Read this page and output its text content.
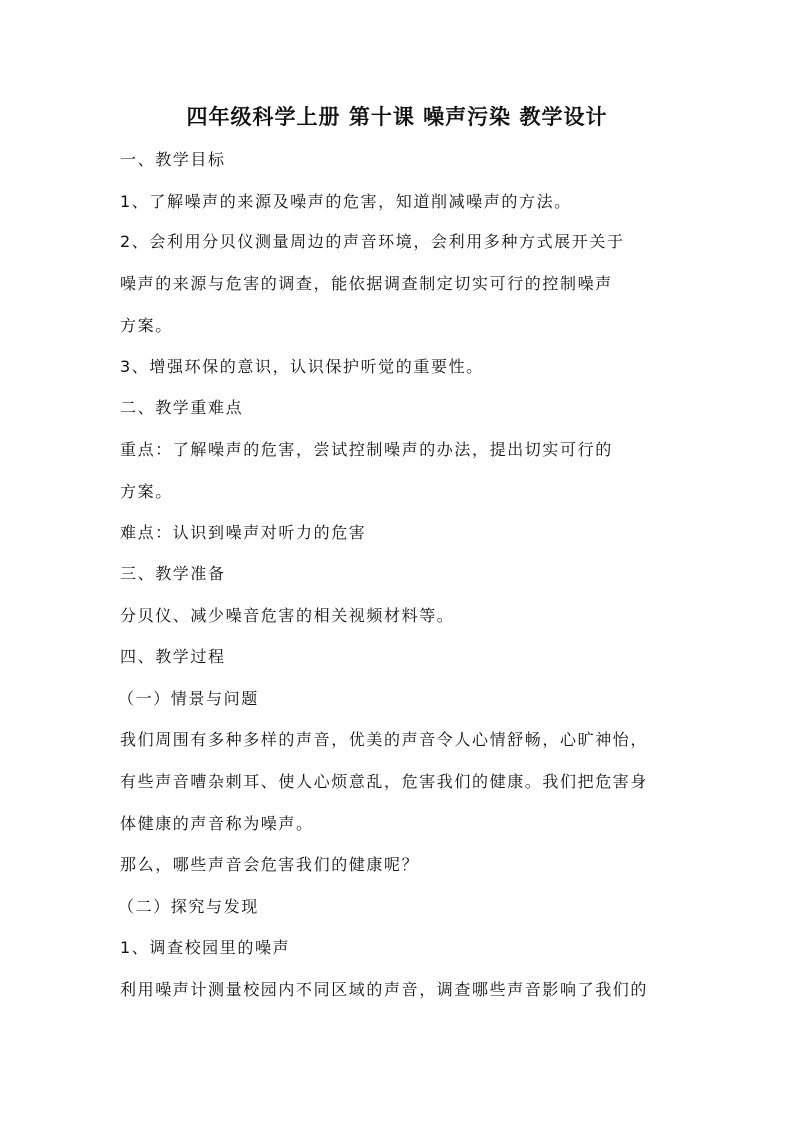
四年级科学上册 第十课 噪声污染 教学设计
一、教学目标
1、了解噪声的来源及噪声的危害，知道削减噪声的方法。
2、会利用分贝仪测量周边的声音环境，会利用多种方式展开关于
噪声的来源与危害的调查，能依据调查制定切实可行的控制噪声
方案。
3、增强环保的意识，认识保护听觉的重要性。
二、教学重难点
重点：了解噪声的危害，尝试控制噪声的办法，提出切实可行的
方案。
难点：认识到噪声对听力的危害
三、教学准备
分贝仪、减少噪音危害的相关视频材料等。
四、教学过程
（一）情景与问题
我们周围有多种多样的声音，优美的声音令人心情舒畅，心旷神怡，
有些声音嘈杂刺耳、使人心烦意乱，危害我们的健康。我们把危害身
体健康的声音称为噪声。
那么，哪些声音会危害我们的健康呢？
（二）探究与发现
1、调查校园里的噪声
利用噪声计测量校园内不同区域的声音，调查哪些声音影响了我们的
